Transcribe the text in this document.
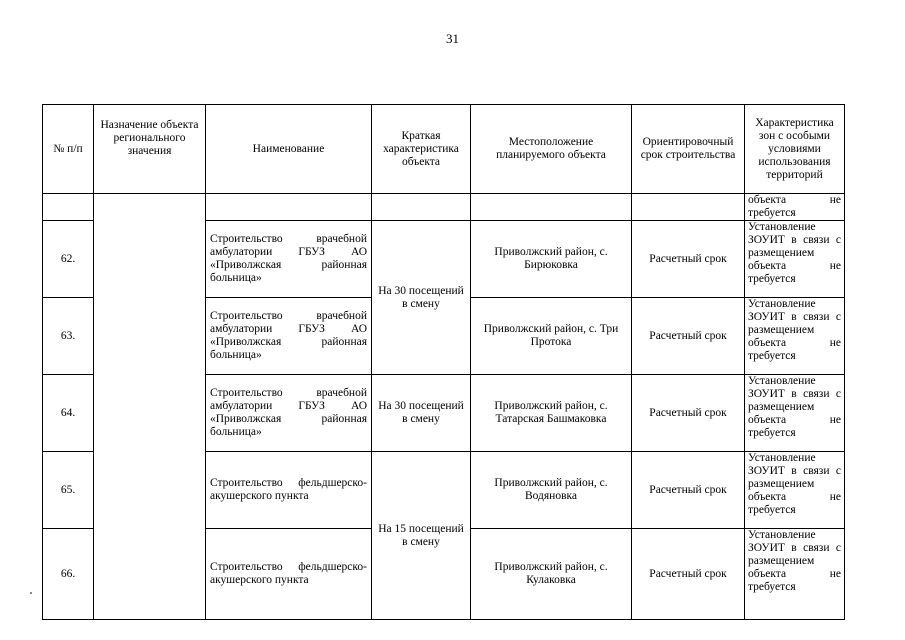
31
№ п/п	Назначение объекта регионального значения	Наименование	Краткая характеристика объекта	Местоположение планируемого объекта	Ориентировочный срок строительства	Характеристика зон с особыми условиями использования территорий
						объекта не требуется
62.		Строительство врачебной амбулатории ГБУЗ АО «Приволжская районная больница»	На 30 посещений в смену	Приволжский район, с. Бирюковка	Расчетный срок	Установление ЗОУИТ в связи с размещением объекта не требуется
63.		Строительство врачебной амбулатории ГБУЗ АО «Приволжская районная больница»		Приволжский район, с. Три Протока	Расчетный срок	Установление ЗОУИТ в связи с размещением объекта не требуется
64.		Строительство врачебной амбулатории ГБУЗ АО «Приволжская районная больница»	На 30 посещений в смену	Приволжский район, с. Татарская Башмаковка	Расчетный срок	Установление ЗОУИТ в связи с размещением объекта не требуется
65.		Строительство фельдшерско-акушерского пункта	На 15 посещений в смену	Приволжский район, с. Водяновка	Расчетный срок	Установление ЗОУИТ в связи с размещением объекта не требуется
66.		Строительство фельдшерско-акушерского пункта		Приволжский район, с. Кулаковка	Расчетный срок	Установление ЗОУИТ в связи с размещением объекта не требуется
